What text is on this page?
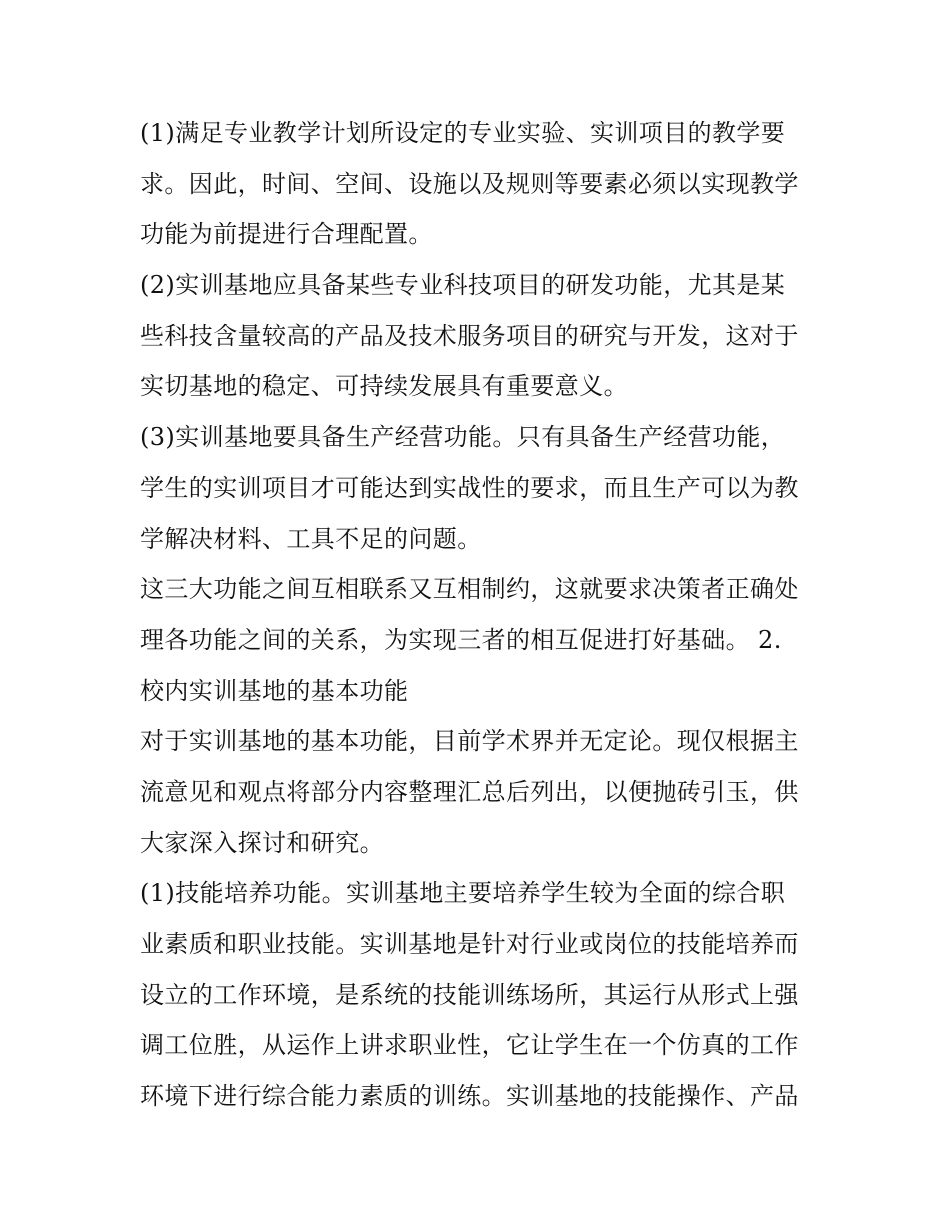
(1)满足专业教学计划所设定的专业实验、实训项目的教学要
求。因此，时间、空间、设施以及规则等要素必须以实现教学
功能为前提进行合理配置。
(2)实训基地应具备某些专业科技项目的研发功能，尤其是某
些科技含量较高的产品及技术服务项目的研究与开发，这对于
实切基地的稳定、可持续发展具有重要意义。
(3)实训基地要具备生产经营功能。只有具备生产经营功能，
学生的实训项目才可能达到实战性的要求，而且生产可以为教
学解决材料、工具不足的问题。
这三大功能之间互相联系又互相制约，这就要求决策者正确处
理各功能之间的关系，为实现三者的相互促进打好基础。 2.
校内实训基地的基本功能
对于实训基地的基本功能，目前学术界并无定论。现仅根据主
流意见和观点将部分内容整理汇总后列出，以便抛砖引玉，供
大家深入探讨和研究。
(1)技能培养功能。实训基地主要培养学生较为全面的综合职
业素质和职业技能。实训基地是针对行业或岗位的技能培养而
设立的工作环境，是系统的技能训练场所，其运行从形式上强
调工位胜，从运作上讲求职业性，它让学生在一个仿真的工作
环境下进行综合能力素质的训练。实训基地的技能操作、产品
